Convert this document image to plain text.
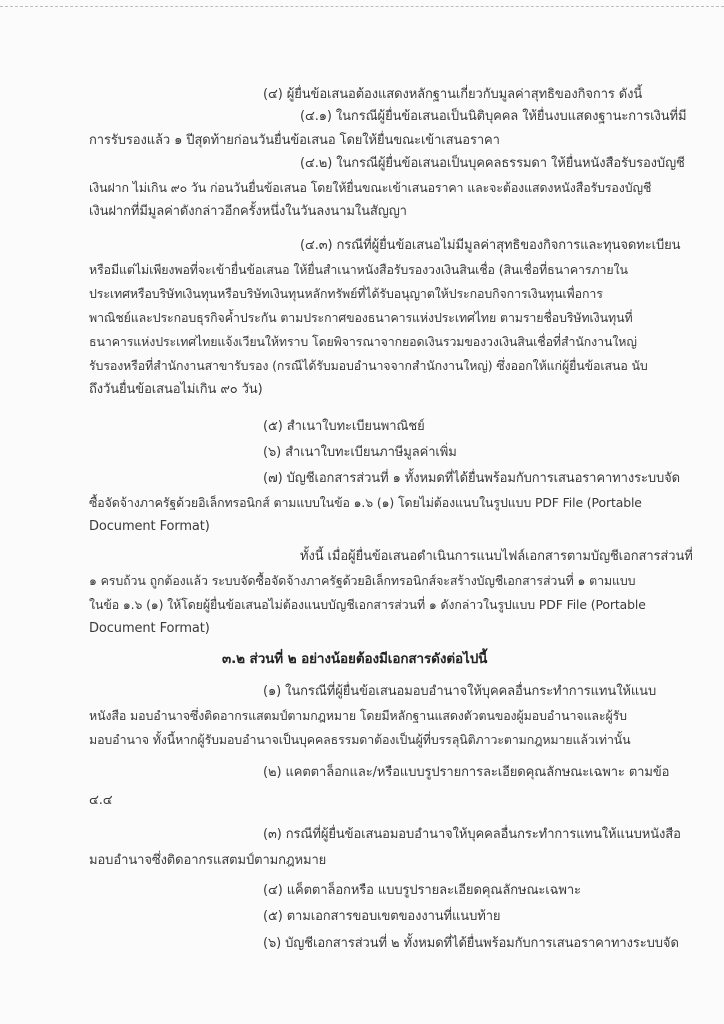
(๔) ผู้ยื่นข้อเสนอต้องแสดงหลักฐานเกี่ยวกับมูลค่าสุทธิของกิจการ ดังนี้
(๔.๑) ในกรณีผู้ยื่นข้อเสนอเป็นนิติบุคคล ให้ยื่นงบแสดงฐานะการเงินที่มี
การรับรองแล้ว ๑ ปีสุดท้ายก่อนวันยื่นข้อเสนอ โดยให้ยื่นขณะเข้าเสนอราคา
(๔.๒) ในกรณีผู้ยื่นข้อเสนอเป็นบุคคลธรรมดา ให้ยื่นหนังสือรับรองบัญชี
เงินฝาก ไม่เกิน ๙๐ วัน ก่อนวันยื่นข้อเสนอ โดยให้ยื่นขณะเข้าเสนอราคา และจะต้องแสดงหนังสือรับรองบัญชี
เงินฝากที่มีมูลค่าดังกล่าวอีกครั้งหนึ่งในวันลงนามในสัญญา
(๔.๓) กรณีที่ผู้ยื่นข้อเสนอไม่มีมูลค่าสุทธิของกิจการและทุนจดทะเบียน
หรือมีแต่ไม่เพียงพอที่จะเข้ายื่นข้อเสนอ ให้ยื่นสำเนาหนังสือรับรองวงเงินสินเชื่อ (สินเชื่อที่ธนาคารภายใน
ประเทศหรือบริษัทเงินทุนหรือบริษัทเงินทุนหลักทรัพย์ที่ได้รับอนุญาตให้ประกอบกิจการเงินทุนเพื่อการ
พาณิชย์และประกอบธุรกิจค้ำประกัน ตามประกาศของธนาคารแห่งประเทศไทย ตามรายชื่อบริษัทเงินทุนที่
ธนาคารแห่งประเทศไทยแจ้งเวียนให้ทราบ โดยพิจารณาจากยอดเงินรวมของวงเงินสินเชื่อที่สำนักงานใหญ่
รับรองหรือที่สำนักงานสาขารับรอง (กรณีได้รับมอบอำนาจจากสำนักงานใหญ่) ซึ่งออกให้แก่ผู้ยื่นข้อเสนอ นับ
ถึงวันยื่นข้อเสนอไม่เกิน ๙๐ วัน)
(๕) สำเนาใบทะเบียนพาณิชย์
(๖) สำเนาใบทะเบียนภาษีมูลค่าเพิ่ม
(๗) บัญชีเอกสารส่วนที่ ๑ ทั้งหมดที่ได้ยื่นพร้อมกับการเสนอราคาทางระบบจัด
ซื้อจัดจ้างภาครัฐด้วยอิเล็กทรอนิกส์ ตามแบบในข้อ ๑.๖ (๑) โดยไม่ต้องแนบในรูปแบบ PDF File (Portable
Document Format)
ทั้งนี้ เมื่อผู้ยื่นข้อเสนอดำเนินการแนบไฟล์เอกสารตามบัญชีเอกสารส่วนที่
๑ ครบถ้วน ถูกต้องแล้ว ระบบจัดซื้อจัดจ้างภาครัฐด้วยอิเล็กทรอนิกส์จะสร้างบัญชีเอกสารส่วนที่ ๑ ตามแบบ
ในข้อ ๑.๖ (๑) ให้โดยผู้ยื่นข้อเสนอไม่ต้องแนบบัญชีเอกสารส่วนที่ ๑ ดังกล่าวในรูปแบบ PDF File (Portable
Document Format)
๓.๒ ส่วนที่ ๒ อย่างน้อยต้องมีเอกสารดังต่อไปนี้
(๑) ในกรณีที่ผู้ยื่นข้อเสนอมอบอำนาจให้บุคคลอื่นกระทำการแทนให้แนบ
หนังสือ มอบอำนาจซึ่งติดอากรแสตมป์ตามกฎหมาย โดยมีหลักฐานแสดงตัวตนของผู้มอบอำนาจและผู้รับ
มอบอำนาจ ทั้งนี้หากผู้รับมอบอำนาจเป็นบุคคลธรรมดาต้องเป็นผู้ที่บรรลุนิติภาวะตามกฎหมายแล้วเท่านั้น
(๒) แคตตาล็อกและ/หรือแบบรูปรายการละเอียดคุณลักษณะเฉพาะ ตามข้อ
๔.๔
(๓) กรณีที่ผู้ยื่นข้อเสนอมอบอำนาจให้บุคคลอื่นกระทำการแทนให้แนบหนังสือ
มอบอำนาจซึ่งติดอากรแสตมป์ตามกฎหมาย
(๔) แค็ตตาล็อกหรือ แบบรูปรายละเอียดคุณลักษณะเฉพาะ
(๕) ตามเอกสารขอบเขตของงานที่แนบท้าย
(๖) บัญชีเอกสารส่วนที่ ๒ ทั้งหมดที่ได้ยื่นพร้อมกับการเสนอราคาทางระบบจัด
